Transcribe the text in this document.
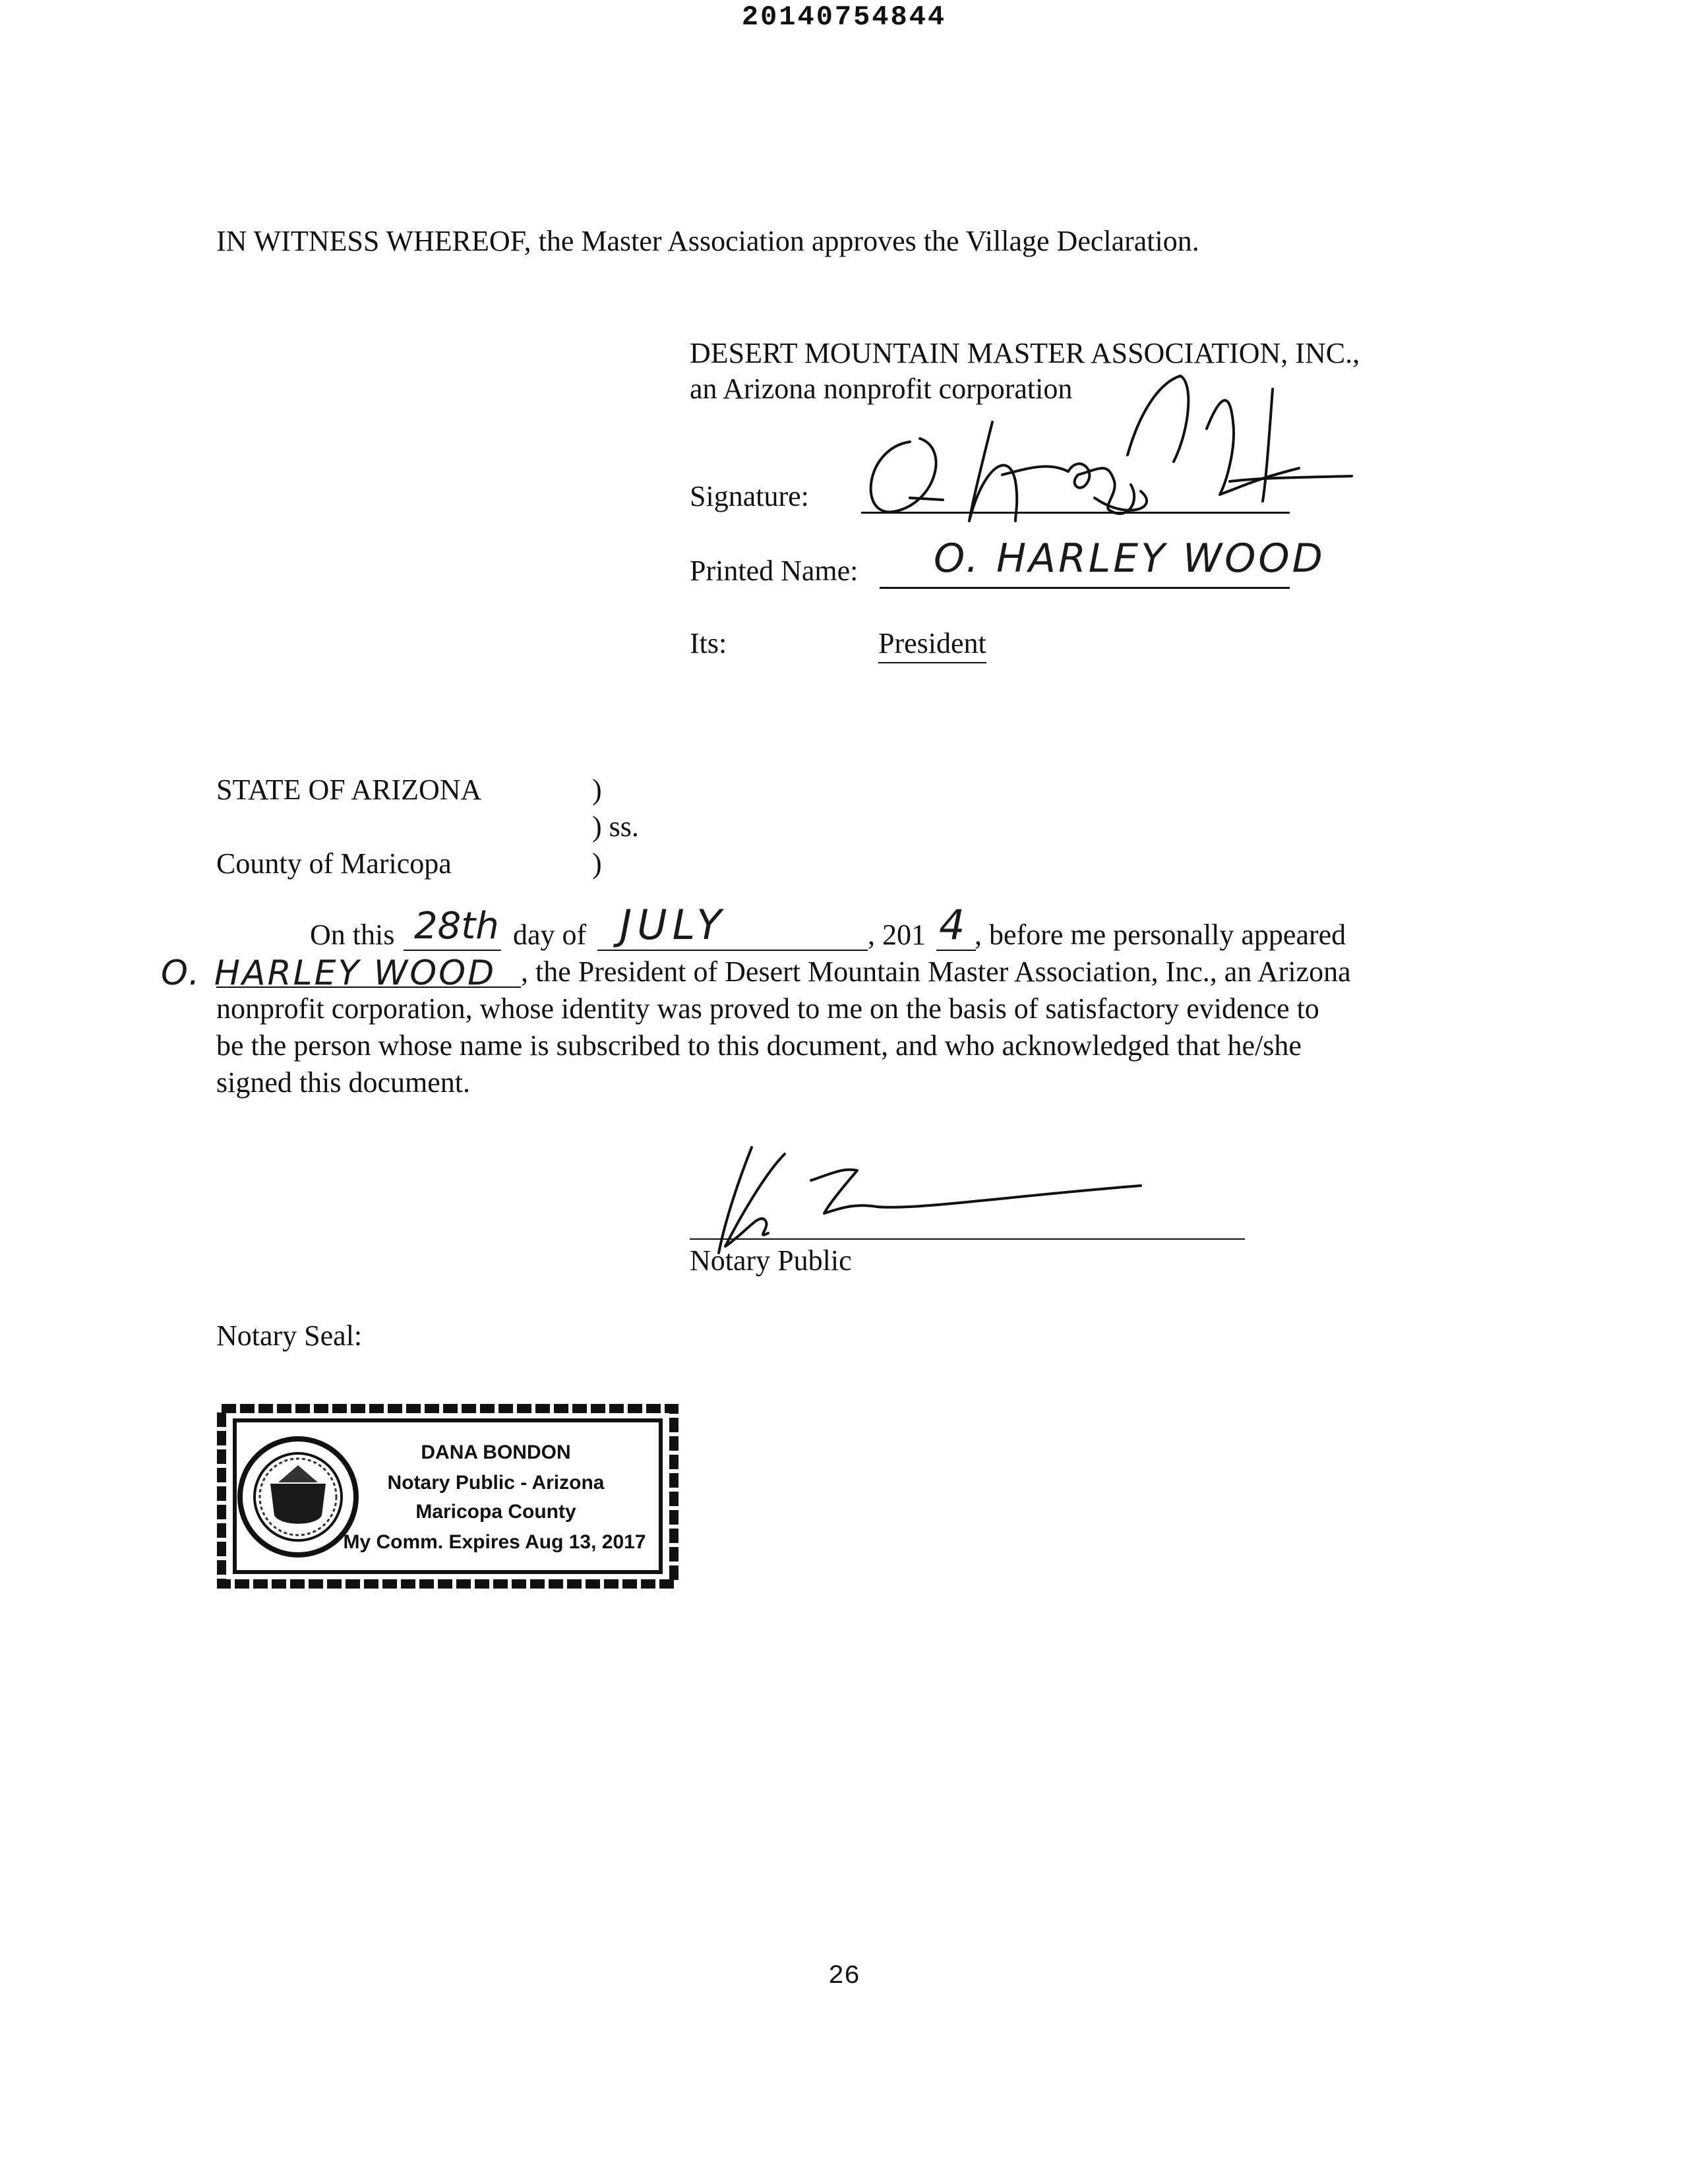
20140754844
IN WITNESS WHEREOF, the Master Association approves the Village Declaration.
DESERT MOUNTAIN MASTER ASSOCIATION, INC.,
an Arizona nonprofit corporation
Signature:
Printed Name: O. HARLEY WOOD
Its:	President
STATE OF ARIZONA	)
) ss.
County of Maricopa	)
On this 28th day of JULY	, 201 4 , before me personally appeared
O. HARLEY WOOD , the President of Desert Mountain Master Association, Inc., an Arizona
nonprofit corporation, whose identity was proved to me on the basis of satisfactory evidence to
be the person whose name is subscribed to this document, and who acknowledged that he/she
signed this document.
Notary Public
Notary Seal:
DANA BONDON
Notary Public - Arizona
Maricopa County
My Comm. Expires Aug 13, 2017
26
